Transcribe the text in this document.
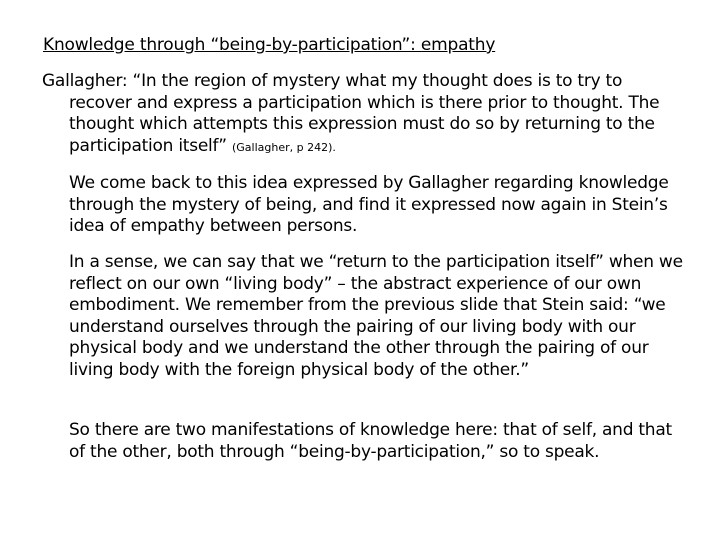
Knowledge through “being-by-participation”: empathy
Gallagher: “In the region of mystery what my thought does is to try to
recover and express a participation which is there prior to thought. The thought which attempts this expression must do so by returning to the participation itself” (Gallagher, p 242).
We come back to this idea expressed by Gallagher regarding knowledge through the mystery of being, and find it expressed now again in Stein’s idea of empathy between persons.
In a sense, we can say that we “return to the participation itself” when we reflect on our own “living body” – the abstract experience of our own embodiment. We remember from the previous slide that Stein said: “we understand ourselves through the pairing of our living body with our physical body and we understand the other through the pairing of our living body with the foreign physical body of the other.”
So there are two manifestations of knowledge here: that of self, and that of the other, both through “being-by-participation,” so to speak.
